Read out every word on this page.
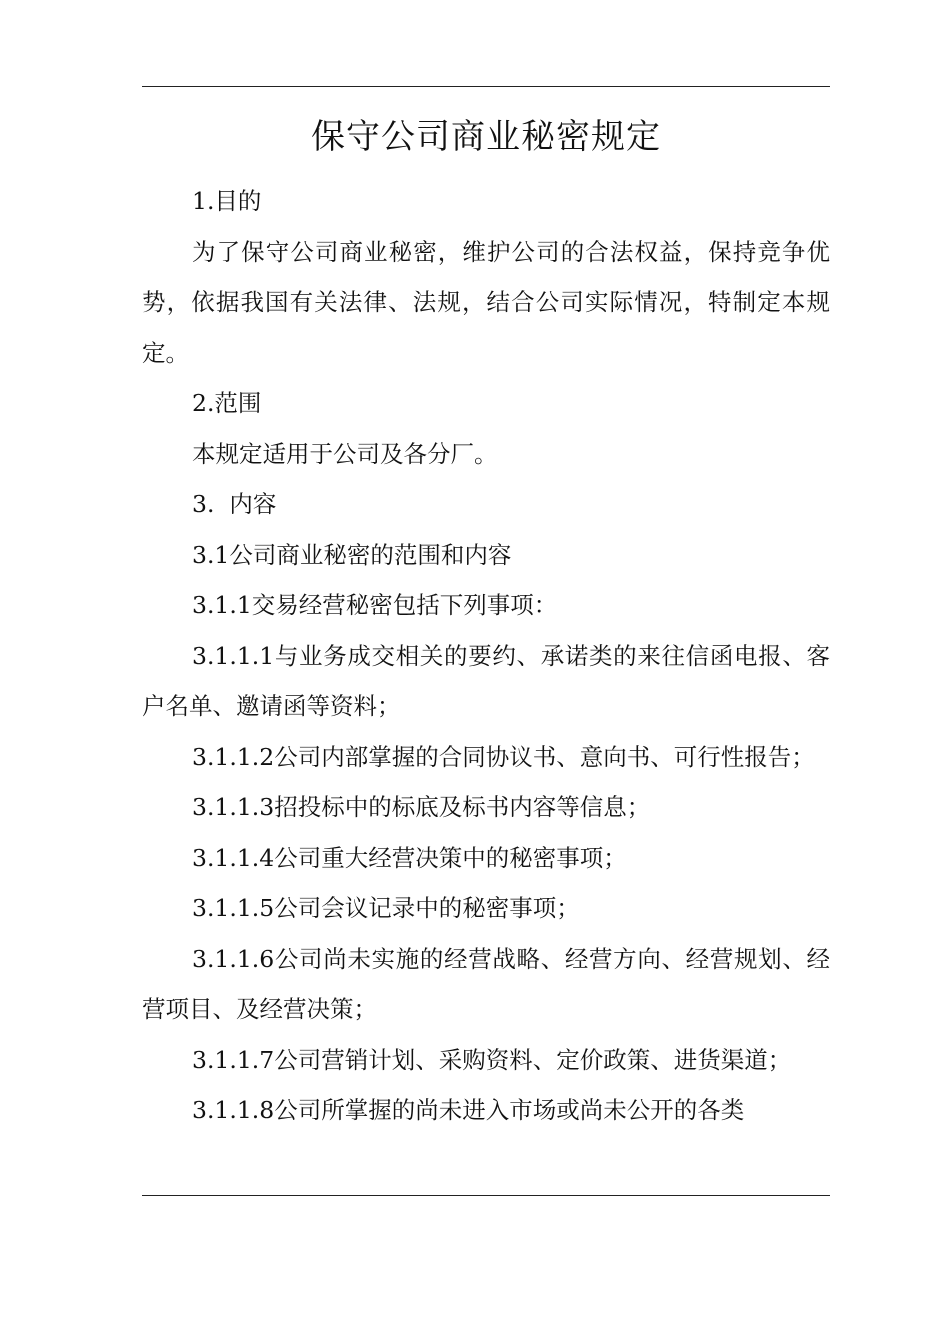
保守公司商业秘密规定

1.目的

为了保守公司商业秘密，维护公司的合法权益，保持竞争优势，依据我国有关法律、法规，结合公司实际情况，特制定本规定。

2.范围

本规定适用于公司及各分厂。

3.  内容

3.1公司商业秘密的范围和内容

3.1.1交易经营秘密包括下列事项：

3.1.1.1与业务成交相关的要约、承诺类的来往信函电报、客户名单、邀请函等资料；

3.1.1.2公司内部掌握的合同协议书、意向书、可行性报告；

3.1.1.3招投标中的标底及标书内容等信息；

3.1.1.4公司重大经营决策中的秘密事项；

3.1.1.5公司会议记录中的秘密事项；

3.1.1.6公司尚未实施的经营战略、经营方向、经营规划、经营项目、及经营决策；

3.1.1.7公司营销计划、采购资料、定价政策、进货渠道；

3.1.1.8公司所掌握的尚未进入市场或尚未公开的各类
